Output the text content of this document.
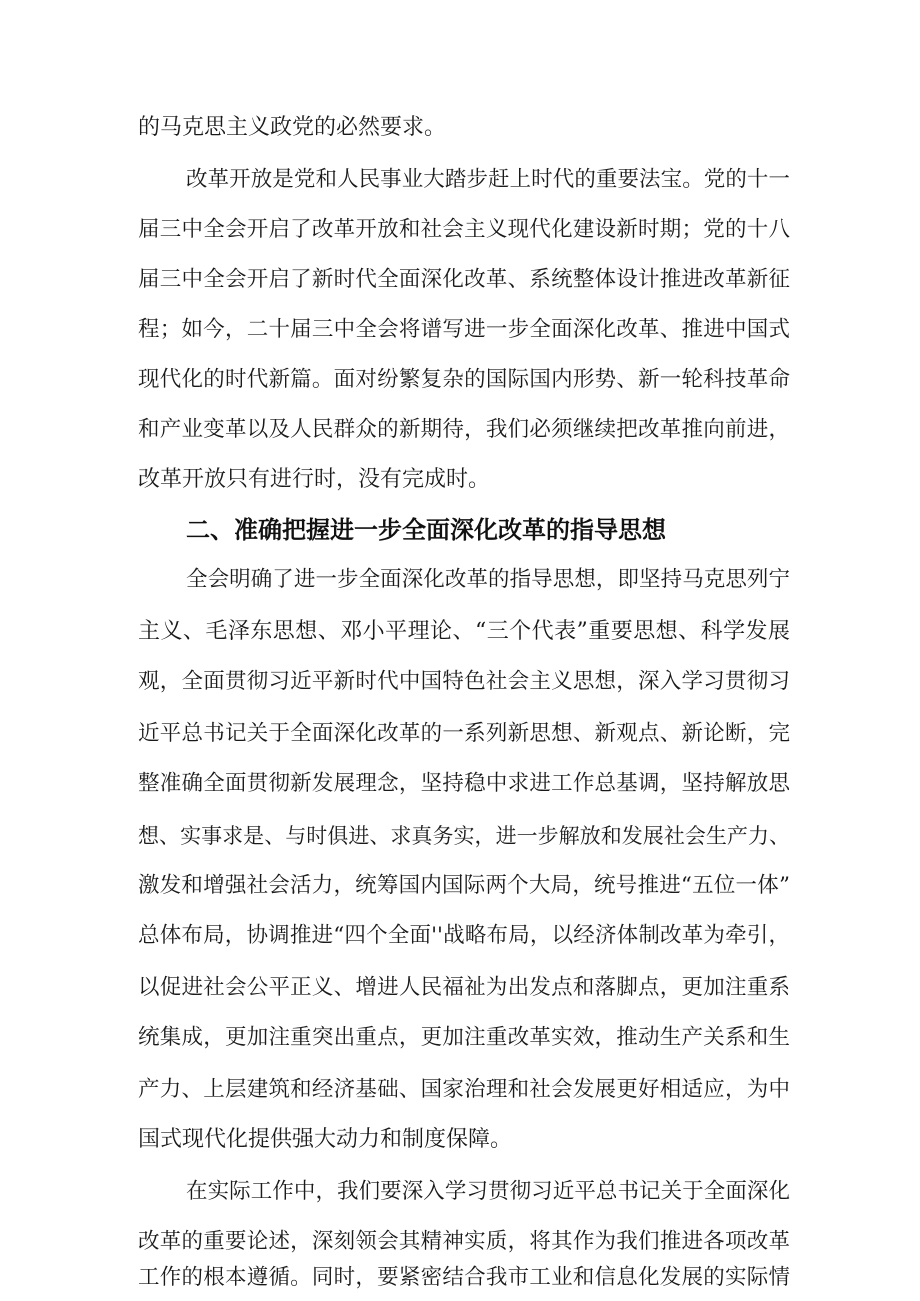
的马克思主义政党的必然要求。
改革开放是党和人民事业大踏步赶上时代的重要法宝。党的十一
届三中全会开启了改革开放和社会主义现代化建设新时期；党的十八
届三中全会开启了新时代全面深化改革、系统整体设计推进改革新征
程；如今，二十届三中全会将谱写进一步全面深化改革、推进中国式
现代化的时代新篇。面对纷繁复杂的国际国内形势、新一轮科技革命
和产业变革以及人民群众的新期待，我们必须继续把改革推向前进，
改革开放只有进行时，没有完成时。
二、准确把握进一步全面深化改革的指导思想
全会明确了进一步全面深化改革的指导思想，即坚持马克思列宁
主义、毛泽东思想、邓小平理论、“三个代表”重要思想、科学发展
观，全面贯彻习近平新时代中国特色社会主义思想，深入学习贯彻习
近平总书记关于全面深化改革的一系列新思想、新观点、新论断，完
整准确全面贯彻新发展理念，坚持稳中求进工作总基调，坚持解放思
想、实事求是、与时俱进、求真务实，进一步解放和发展社会生产力、
激发和增强社会活力，统筹国内国际两个大局，统号推进“五位一体”
总体布局，协调推进“四个全面''战略布局，以经济体制改革为牵引，
以促进社会公平正义、增进人民福祉为出发点和落脚点，更加注重系
统集成，更加注重突出重点，更加注重改革实效，推动生产关系和生
产力、上层建筑和经济基础、国家治理和社会发展更好相适应，为中
国式现代化提供强大动力和制度保障。
在实际工作中，我们要深入学习贯彻习近平总书记关于全面深化
改革的重要论述，深刻领会其精神实质，将其作为我们推进各项改革
工作的根本遵循。同时，要紧密结合我市工业和信息化发展的实际情
